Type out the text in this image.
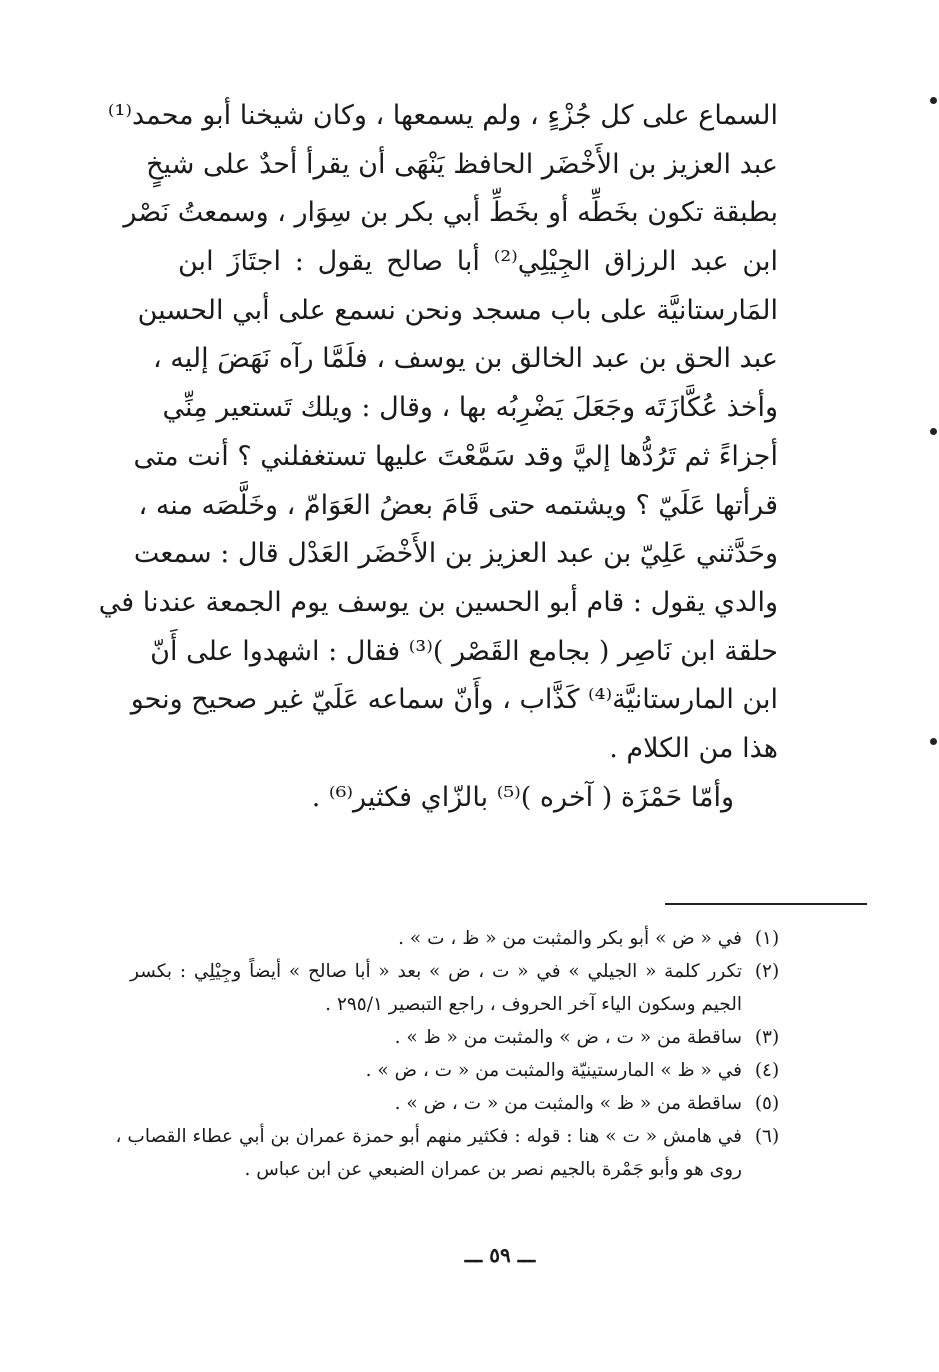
السماع على كل جُزْءٍ ، ولم يسمعها ، وكان شيخنا أبو محمد⁽¹⁾
عبد العزيز بن الأَخْضَر الحافظ يَنْهَى أن يقرأ أحدٌ على شيخٍ
بطبقة تكون بخَطِّه أو بخَطِّ أبي بكر بن سِوَار ، وسمعتُ نَصْر
ابن عبد الرزاق الجِيْلِي⁽²⁾ أبا صالح يقول : اجتَازَ ابن
المَارستانيَّة على باب مسجد ونحن نسمع على أبي الحسين
عبد الحق بن عبد الخالق بن يوسف ، فلَمَّا رآه نَهَضَ إليه ،
وأخذ عُكَّازَتَه وجَعَلَ يَضْرِبُه بها ، وقال : ويلك تَستعير مِنِّي
أجزاءً ثم تَرُدُّها إليَّ وقد سَمَّعْتَ عليها تستغفلني ؟ أنت متى
قرأتها عَلَيّ ؟ ويشتمه حتى قَامَ بعضُ العَوَامّ ، وخَلَّصَه منه ،
وحَدَّثني عَلِيّ بن عبد العزيز بن الأَخْضَر العَدْل قال : سمعت
والدي يقول : قام أبو الحسين بن يوسف يوم الجمعة عندنا في
حلقة ابن نَاصِر ( بجامع القَصْر )⁽³⁾ فقال : اشهدوا على أَنّ
ابن المارستانيَّة⁽⁴⁾ كَذَّاب ، وأَنّ سماعه عَلَيّ غير صحيح ونحو
هذا من الكلام .
وأمّا حَمْزَة ( آخره )⁽⁵⁾ بالزّاي فكثير⁽⁶⁾ .
(١)
في « ض » أبو بكر والمثبت من « ظ ، ت » .
(٢)
تكرر كلمة « الجيلي » في « ت ، ض » بعد « أبا صالح » أيضاً وجِيْلِي : بكسر
الجيم وسكون الياء آخر الحروف ، راجع التبصير ٢٩٥/١ .
(٣)
ساقطة من « ت ، ض » والمثبت من « ظ » .
(٤)
في « ظ » المارستينيّة والمثبت من « ت ، ض » .
(٥)
ساقطة من « ظ » والمثبت من « ت ، ض » .
(٦)
في هامش « ت » هنا : قوله : فكثير منهم أبو حمزة عمران بن أبي عطاء القصاب ،
روى هو وأبو جَمْرة بالجيم نصر بن عمران الضبعي عن ابن عباس .
ـــ ٥٩ ـــ
